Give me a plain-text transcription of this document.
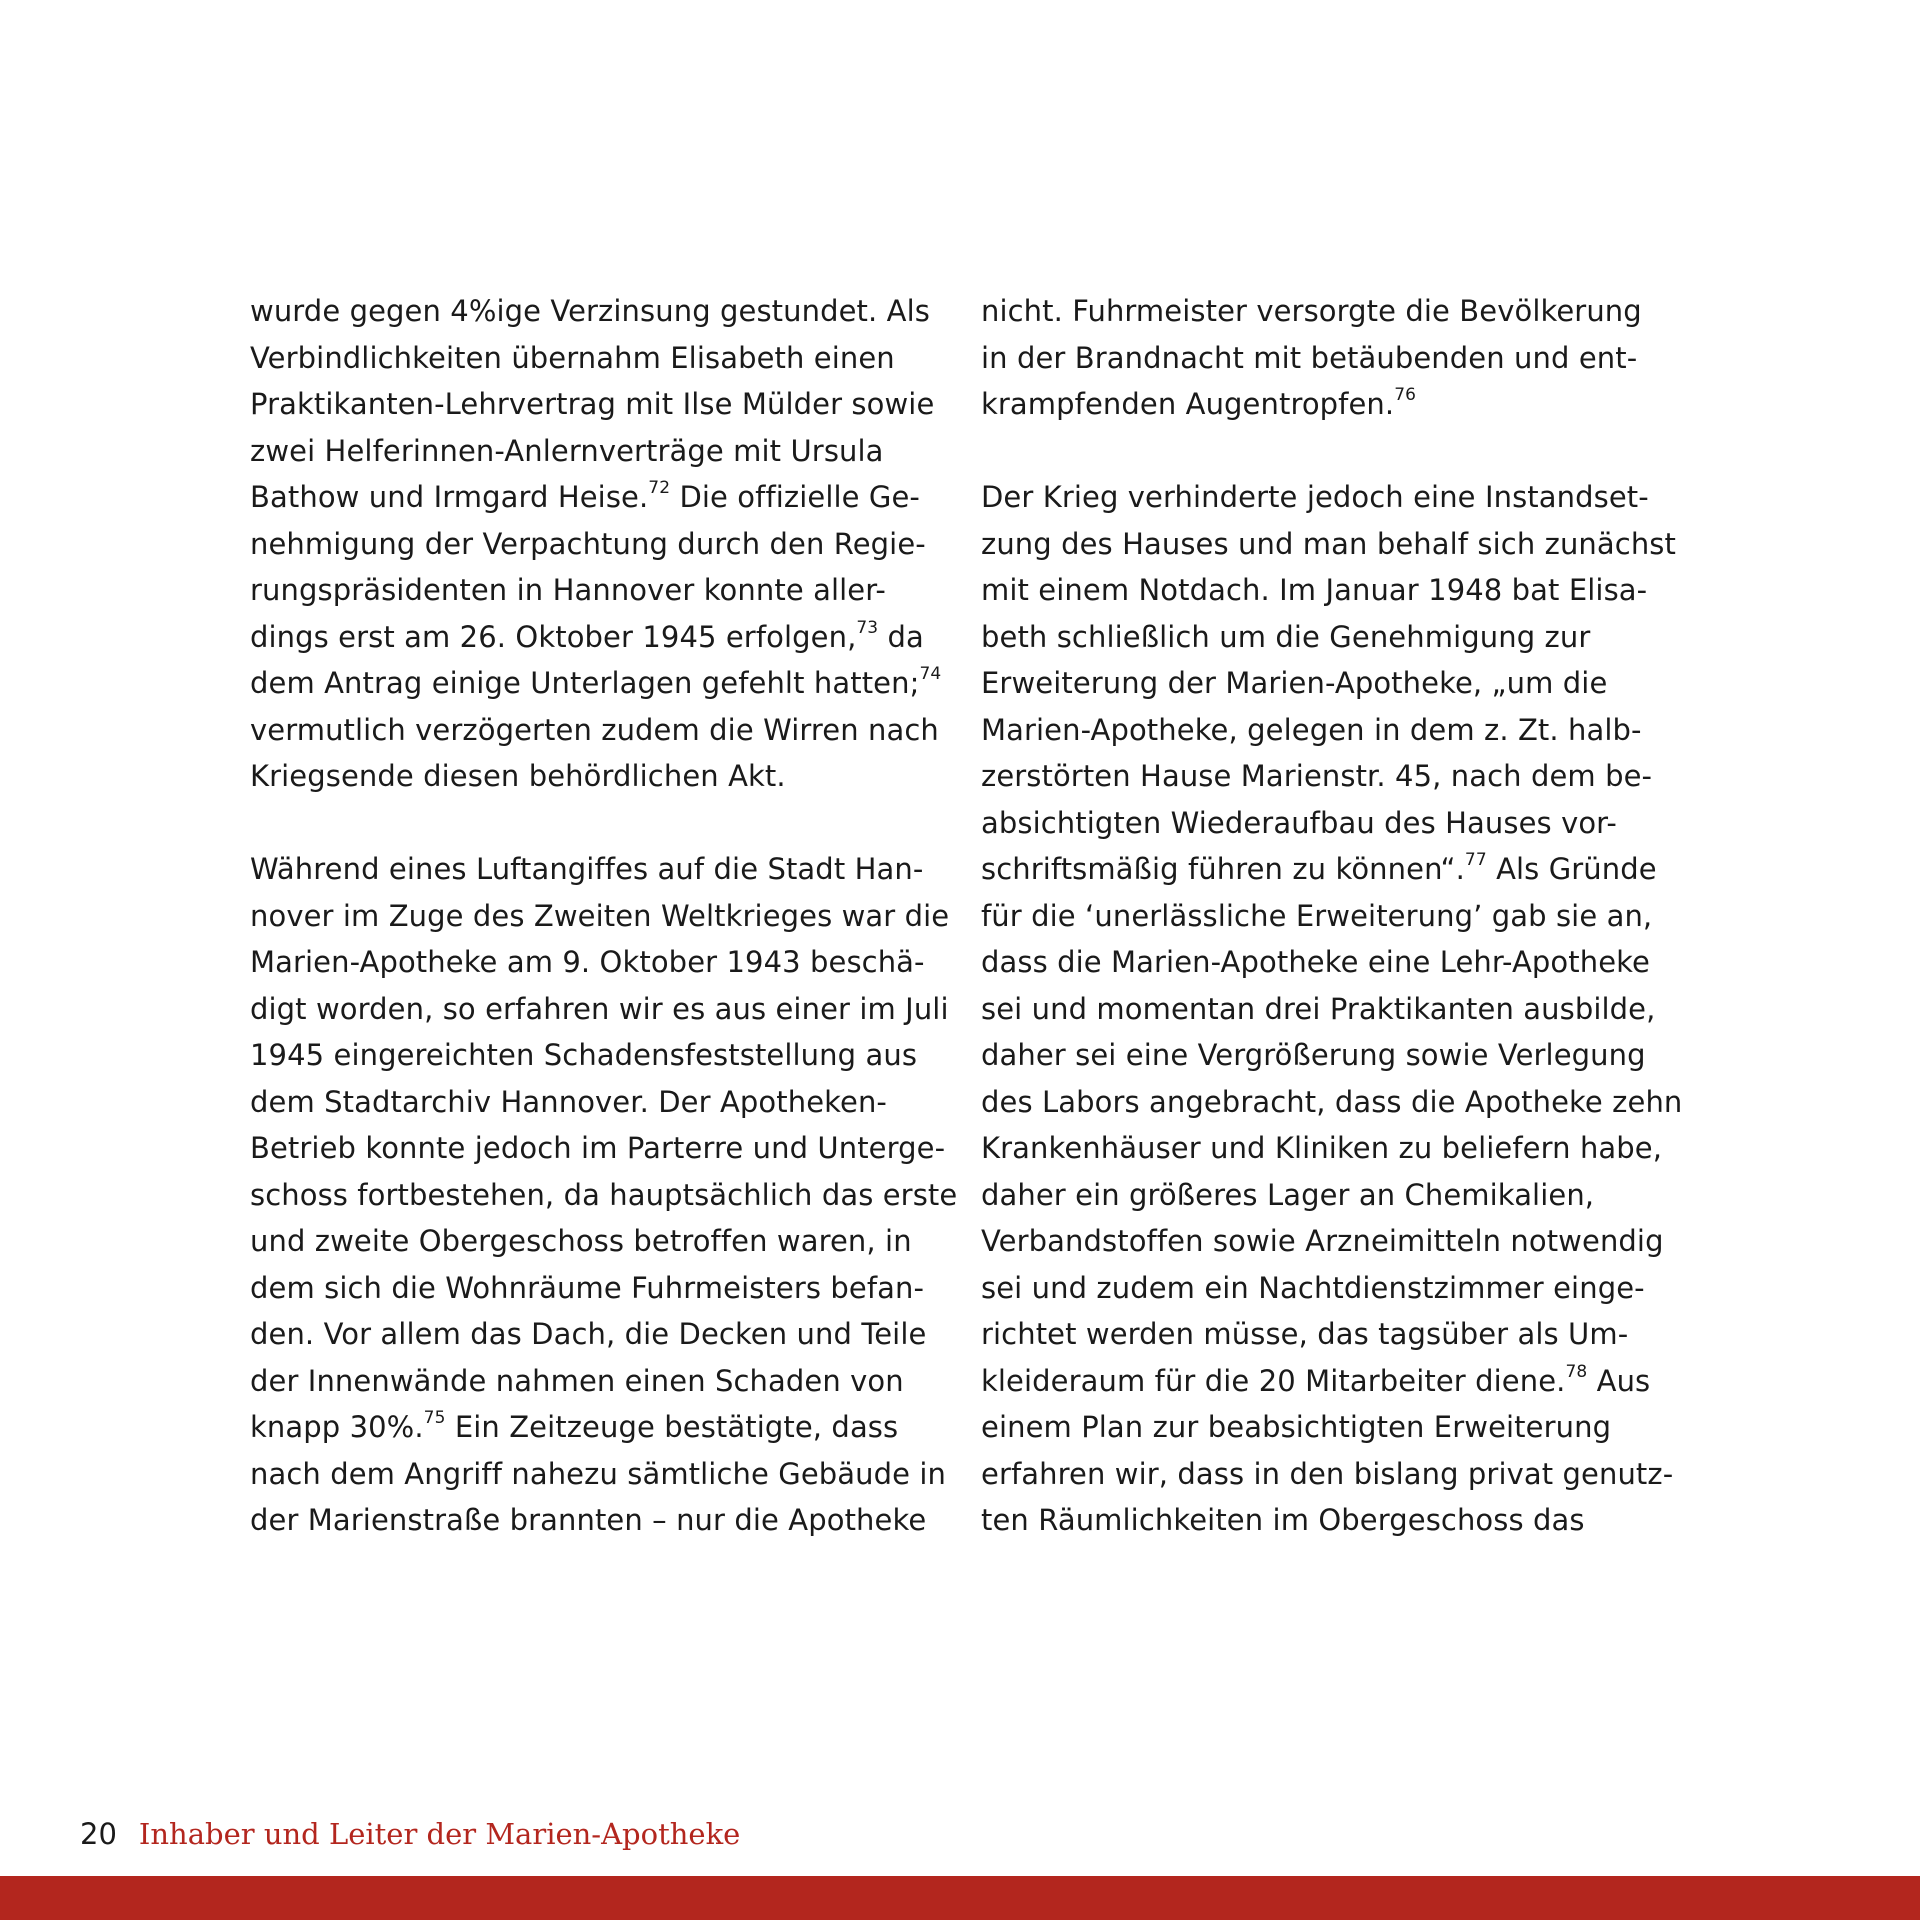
wurde gegen 4%ige Verzinsung gestundet. Als
Verbindlichkeiten übernahm Elisabeth einen
Praktikanten-Lehrvertrag mit Ilse Mülder sowie
zwei Helferinnen-Anlernverträge mit Ursula
Bathow und Irmgard Heise.$^{72}$ Die offizielle Ge-
nehmigung der Verpachtung durch den Regie-
rungspräsidenten in Hannover konnte aller-
dings erst am 26. Oktober 1945 erfolgen,$^{73}$ da
dem Antrag einige Unterlagen gefehlt hatten;$^{74}$
vermutlich verzögerten zudem die Wirren nach
Kriegsende diesen behördlichen Akt.
Während eines Luftangiffes auf die Stadt Han-
nover im Zuge des Zweiten Weltkrieges war die
Marien-Apotheke am 9. Oktober 1943 beschä-
digt worden, so erfahren wir es aus einer im Juli
1945 eingereichten Schadensfeststellung aus
dem Stadtarchiv Hannover. Der Apotheken-
Betrieb konnte jedoch im Parterre und Unterge-
schoss fortbestehen, da hauptsächlich das erste
und zweite Obergeschoss betroffen waren, in
dem sich die Wohnräume Fuhrmeisters befan-
den. Vor allem das Dach, die Decken und Teile
der Innenwände nahmen einen Schaden von
knapp 30%.$^{75}$ Ein Zeitzeuge bestätigte, dass
nach dem Angriff nahezu sämtliche Gebäude in
der Marienstraße brannten – nur die Apotheke
nicht. Fuhrmeister versorgte die Bevölkerung
in der Brandnacht mit betäubenden und ent-
krampfenden Augentropfen.$^{76}$
Der Krieg verhinderte jedoch eine Instandset-
zung des Hauses und man behalf sich zunächst
mit einem Notdach. Im Januar 1948 bat Elisa-
beth schließlich um die Genehmigung zur
Erweiterung der Marien-Apotheke, „um die
Marien-Apotheke, gelegen in dem z. Zt. halb-
zerstörten Hause Marienstr. 45, nach dem be-
absichtigten Wiederaufbau des Hauses vor-
schriftsmäßig führen zu können“.$^{77}$ Als Gründe
für die ‘unerlässliche Erweiterung’ gab sie an,
dass die Marien-Apotheke eine Lehr-Apotheke
sei und momentan drei Praktikanten ausbilde,
daher sei eine Vergrößerung sowie Verlegung
des Labors angebracht, dass die Apotheke zehn
Krankenhäuser und Kliniken zu beliefern habe,
daher ein größeres Lager an Chemikalien,
Verbandstoffen sowie Arzneimitteln notwendig
sei und zudem ein Nachtdienstzimmer einge-
richtet werden müsse, das tagsüber als Um-
kleideraum für die 20 Mitarbeiter diene.$^{78}$ Aus
einem Plan zur beabsichtigten Erweiterung
erfahren wir, dass in den bislang privat genutz-
ten Räumlichkeiten im Obergeschoss das
20 Inhaber und Leiter der Marien-Apotheke
